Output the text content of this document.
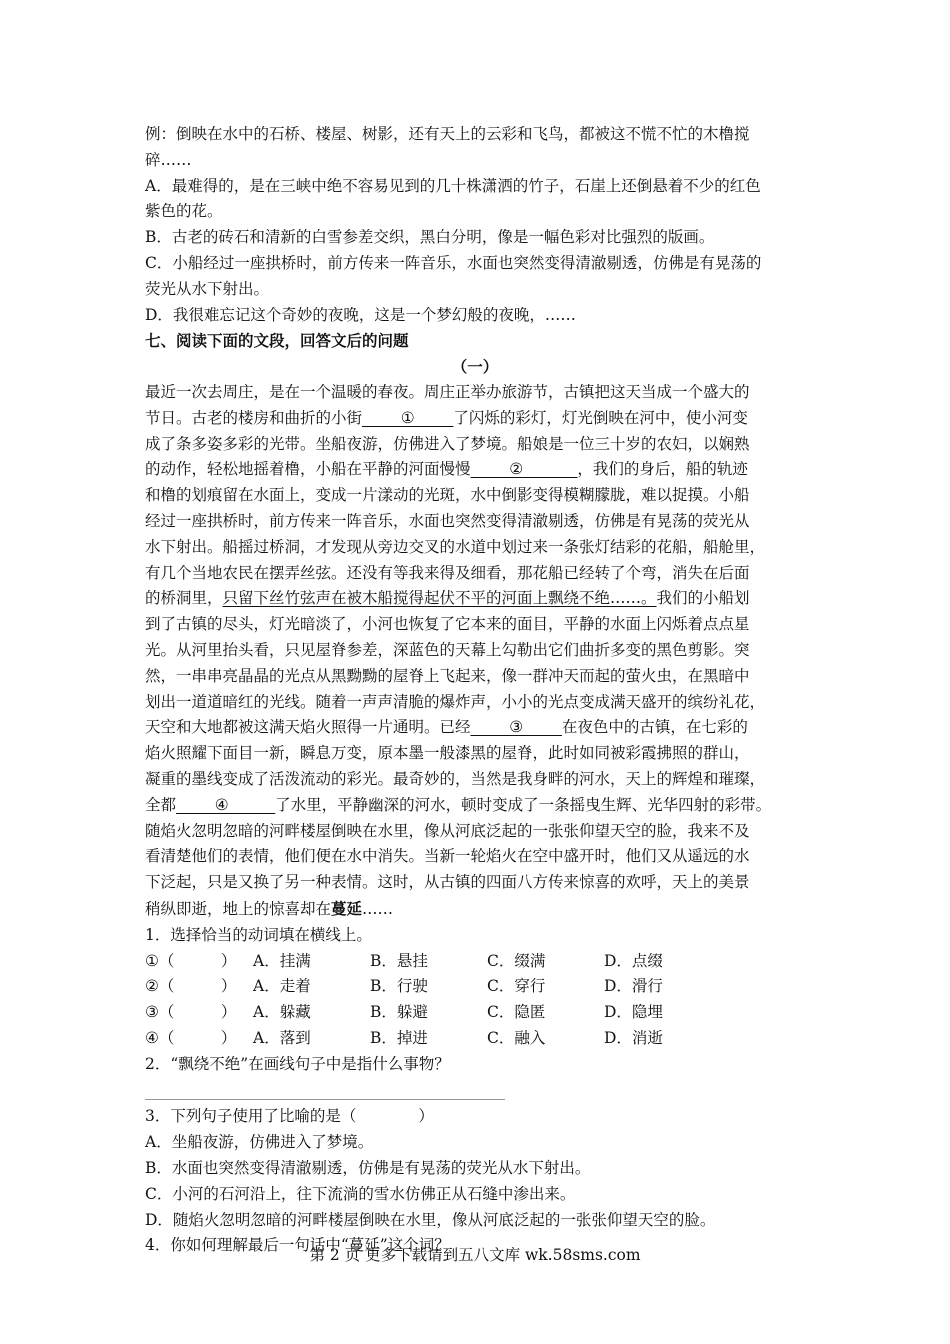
例：倒映在水中的石桥、楼屋、树影，还有天上的云彩和飞鸟，都被这不慌不忙的木橹搅

碎……

A．最难得的，是在三峡中绝不容易见到的几十株潇洒的竹子，石崖上还倒悬着不少的红色

紫色的花。

B．古老的砖石和清新的白雪参差交织，黑白分明，像是一幅色彩对比强烈的版画。

C．小船经过一座拱桥时，前方传来一阵音乐，水面也突然变得清澈剔透，仿佛是有晃荡的

荧光从水下射出。

D．我很难忘记这个奇妙的夜晚，这是一个梦幻般的夜晚，……

七、阅读下面的文段，回答文后的问题

（一）

最近一次去周庄，是在一个温暖的春夜。周庄正举办旅游节，古镇把这天当成一个盛大的

节日。古老的楼房和曲折的小街_____①_____了闪烁的彩灯，灯光倒映在河中，使小河变

成了条多姿多彩的光带。坐船夜游，仿佛进入了梦境。船娘是一位三十岁的农妇，以娴熟

的动作，轻松地摇着橹，小船在平静的河面慢慢_____②_______，我们的身后，船的轨迹

和橹的划痕留在水面上，变成一片漾动的光斑，水中倒影变得模糊朦胧，难以捉摸。小船

经过一座拱桥时，前方传来一阵音乐，水面也突然变得清澈剔透，仿佛是有晃荡的荧光从

水下射出。船摇过桥洞，才发现从旁边交叉的水道中划过来一条张灯结彩的花船，船舱里，

有几个当地农民在摆弄丝弦。还没有等我来得及细看，那花船已经转了个弯，消失在后面

的桥洞里，只留下丝竹弦声在被木船搅得起伏不平的河面上飘绕不绝……。我们的小船划

到了古镇的尽头，灯光暗淡了，小河也恢复了它本来的面目，平静的水面上闪烁着点点星

光。从河里抬头看，只见屋脊参差，深蓝色的天幕上勾勒出它们曲折多变的黑色剪影。突

然，一串串亮晶晶的光点从黑黝黝的屋脊上飞起来，像一群冲天而起的萤火虫，在黑暗中

划出一道道暗红的光线。随着一声声清脆的爆炸声，小小的光点变成满天盛开的缤纷礼花，

天空和大地都被这满天焰火照得一片通明。已经_____③_____在夜色中的古镇，在七彩的

焰火照耀下面目一新，瞬息万变，原本墨一般漆黑的屋脊，此时如同被彩霞拂照的群山，

凝重的墨线变成了活泼流动的彩光。最奇妙的，当然是我身畔的河水，天上的辉煌和璀璨，

全都_____④______了水里，平静幽深的河水，顿时变成了一条摇曳生辉、光华四射的彩带。

随焰火忽明忽暗的河畔楼屋倒映在水里，像从河底泛起的一张张仰望天空的脸，我来不及

看清楚他们的表情，他们便在水中消失。当新一轮焰火在空中盛开时，他们又从遥远的水

下泛起，只是又换了另一种表情。这时，从古镇的四面八方传来惊喜的欢呼，天上的美景

稍纵即逝，地上的惊喜却在蔓延……

1．选择恰当的动词填在横线上。

①（　　　）	A．挂满	B．悬挂	C．缀满	D．点缀
②（　　　）	A．走着	B．行驶	C．穿行	D．滑行
③（　　　）	A．躲藏	B．躲避	C．隐匿	D．隐埋
④（　　　）	A．落到	B．掉进	C．融入	D．消逝

2．“飘绕不绝”在画线句子中是指什么事物？

3．下列句子使用了比喻的是（　　　　）

A．坐船夜游，仿佛进入了梦境。

B．水面也突然变得清澈剔透，仿佛是有晃荡的荧光从水下射出。

C．小河的石河沿上，往下流淌的雪水仿佛正从石缝中渗出来。

D．随焰火忽明忽暗的河畔楼屋倒映在水里，像从河底泛起的一张张仰望天空的脸。

4．你如何理解最后一句话中“蔓延”这个词？

第 2 页 更多下载请到五八文库 wk.58sms.com
